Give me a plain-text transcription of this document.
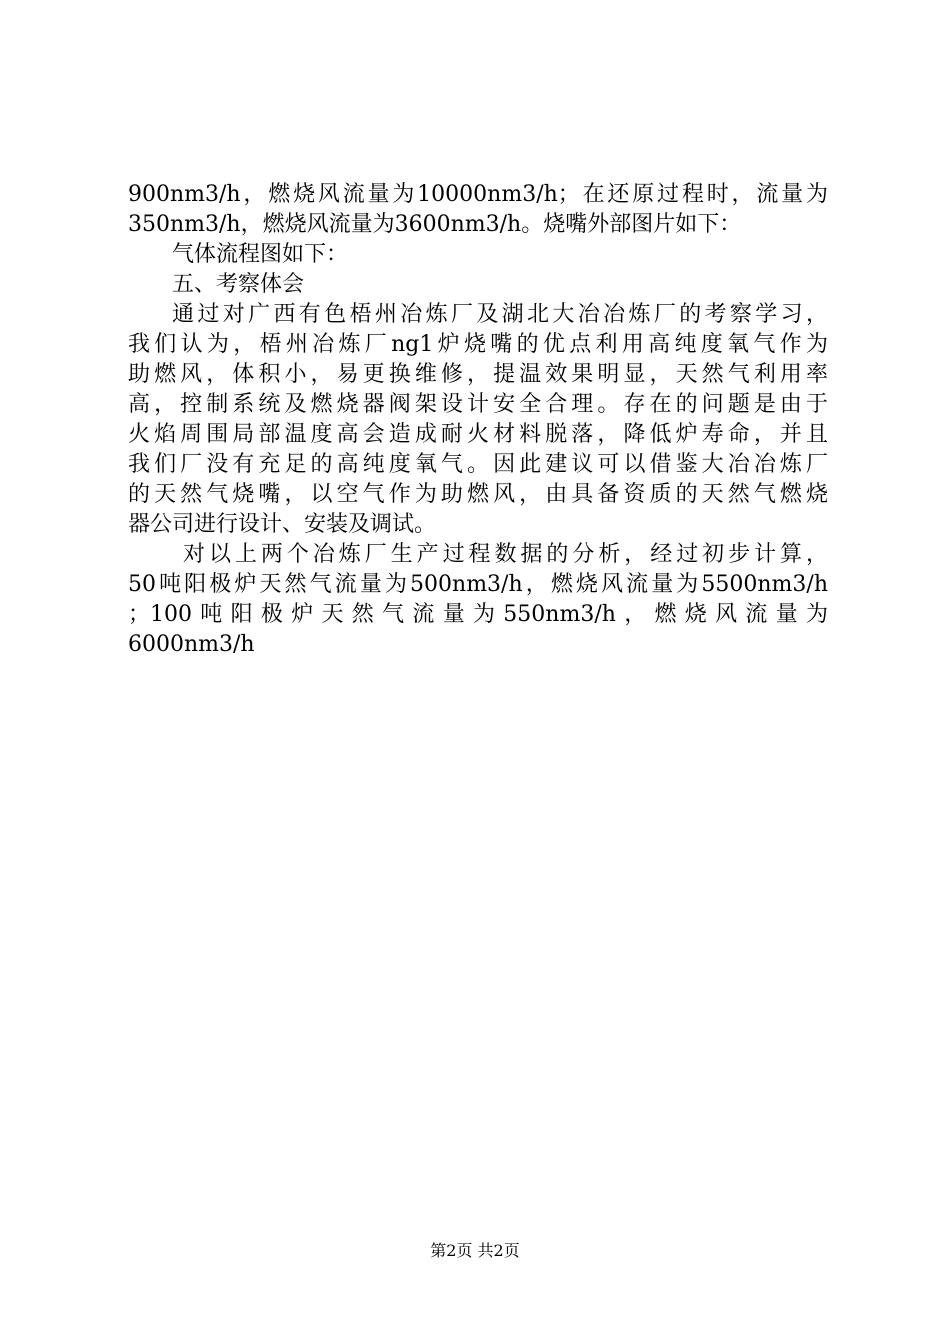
900nm3/h，燃烧风流量为10000nm3/h；在还原过程时，流量为
350nm3/h，燃烧风流量为3600nm3/h。烧嘴外部图片如下：
气体流程图如下：
五、考察体会
通过对广西有色梧州冶炼厂及湖北大冶冶炼厂的考察学习，
我们认为，梧州冶炼厂ng1炉烧嘴的优点利用高纯度氧气作为
助燃风，体积小，易更换维修，提温效果明显，天然气利用率
高，控制系统及燃烧器阀架设计安全合理。存在的问题是由于
火焰周围局部温度高会造成耐火材料脱落，降低炉寿命，并且
我们厂没有充足的高纯度氧气。因此建议可以借鉴大冶冶炼厂
的天然气烧嘴，以空气作为助燃风，由具备资质的天然气燃烧
器公司进行设计、安装及调试。
对以上两个冶炼厂生产过程数据的分析，经过初步计算，
50吨阳极炉天然气流量为500nm3/h，燃烧风流量为5500nm3/h
；100吨阳极炉天然气流量为550nm3/h，燃烧风流量为
6000nm3/h
第2页 共2页
